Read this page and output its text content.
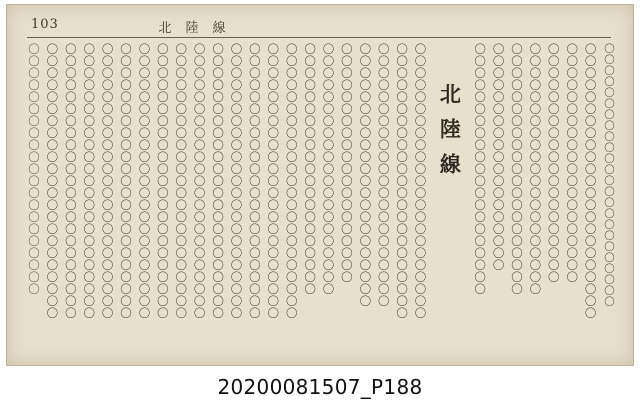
103	北陸線
〇〇〇〇〇〇〇〇〇〇〇〇〇〇〇〇〇〇〇〇〇〇〇〇
〇〇〇〇〇〇〇〇〇〇〇〇〇〇〇〇〇〇〇〇〇〇〇
〇〇〇〇〇〇〇〇〇〇〇〇〇〇〇〇〇〇〇〇
〇〇〇〇〇〇〇〇〇〇〇〇〇〇〇〇〇〇〇〇
〇〇〇〇〇〇〇〇〇〇〇〇〇〇〇〇〇〇〇〇〇
〇〇〇〇〇〇〇〇〇〇〇〇〇〇〇〇〇〇〇〇〇
〇〇〇〇〇〇〇〇〇〇〇〇〇〇〇〇〇〇〇
〇〇〇〇〇〇〇〇〇〇〇〇〇〇〇〇〇〇〇〇〇
北陸線
〇〇〇〇〇〇〇〇〇〇〇〇〇〇〇〇〇〇〇〇〇〇〇
〇〇〇〇〇〇〇〇〇〇〇〇〇〇〇〇〇〇〇〇〇〇〇
〇〇〇〇〇〇〇〇〇〇〇〇〇〇〇〇〇〇〇〇〇〇
〇〇〇〇〇〇〇〇〇〇〇〇〇〇〇〇〇〇〇〇〇〇
〇〇〇〇〇〇〇〇〇〇〇〇〇〇〇〇〇〇〇〇
〇〇〇〇〇〇〇〇〇〇〇〇〇〇〇〇〇〇〇〇〇
〇〇〇〇〇〇〇〇〇〇〇〇〇〇〇〇〇〇〇〇〇
〇〇〇〇〇〇〇〇〇〇〇〇〇〇〇〇〇〇〇〇〇〇〇
〇〇〇〇〇〇〇〇〇〇〇〇〇〇〇〇〇〇〇〇〇〇〇
〇〇〇〇〇〇〇〇〇〇〇〇〇〇〇〇〇〇〇〇〇〇〇
〇〇〇〇〇〇〇〇〇〇〇〇〇〇〇〇〇〇〇〇〇〇〇
〇〇〇〇〇〇〇〇〇〇〇〇〇〇〇〇〇〇〇〇〇〇〇
〇〇〇〇〇〇〇〇〇〇〇〇〇〇〇〇〇〇〇〇〇〇〇
〇〇〇〇〇〇〇〇〇〇〇〇〇〇〇〇〇〇〇〇〇〇〇
〇〇〇〇〇〇〇〇〇〇〇〇〇〇〇〇〇〇〇〇〇〇〇
〇〇〇〇〇〇〇〇〇〇〇〇〇〇〇〇〇〇〇〇〇〇〇
〇〇〇〇〇〇〇〇〇〇〇〇〇〇〇〇〇〇〇〇〇〇〇
〇〇〇〇〇〇〇〇〇〇〇〇〇〇〇〇〇〇〇〇〇〇〇
〇〇〇〇〇〇〇〇〇〇〇〇〇〇〇〇〇〇〇〇〇〇〇
〇〇〇〇〇〇〇〇〇〇〇〇〇〇〇〇〇〇〇〇〇〇〇
〇〇〇〇〇〇〇〇〇〇〇〇〇〇〇〇〇〇〇〇〇〇〇
〇〇〇〇〇〇〇〇〇〇〇〇〇〇〇〇〇〇〇〇〇
20200081507_P188
